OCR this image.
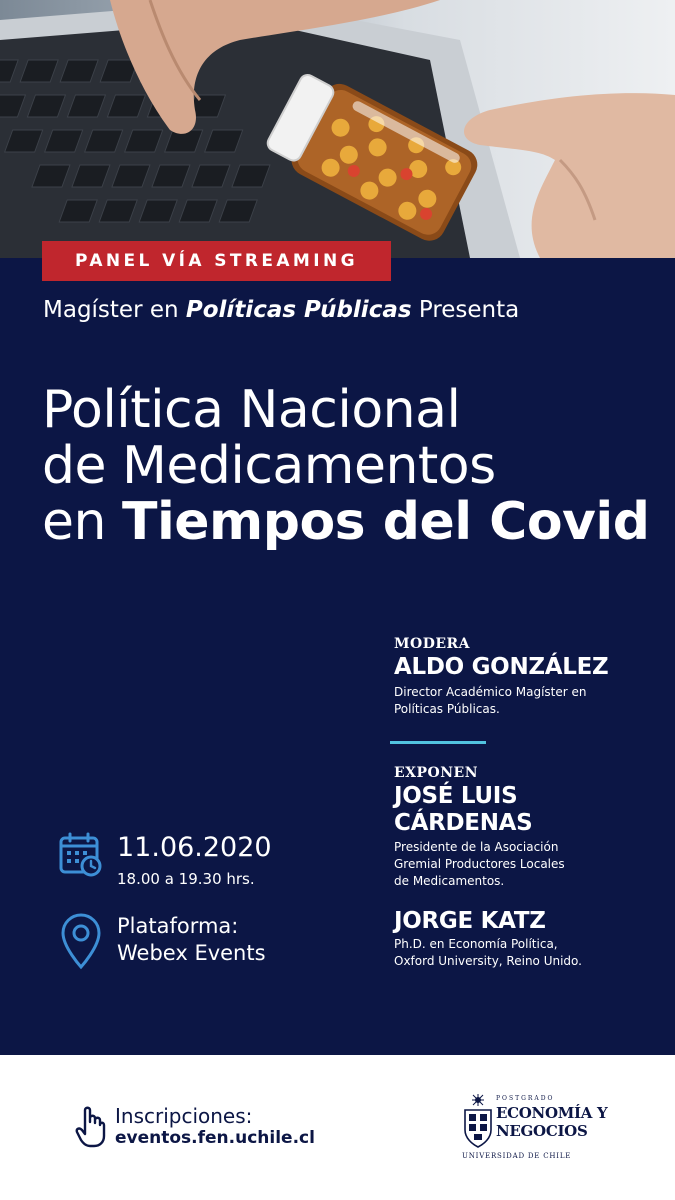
PANEL VÍA STREAMING
Magíster en Políticas Públicas Presenta
Política Nacional
de Medicamentos
en Tiempos del Covid
MODERA
ALDO GONZÁLEZ
Director Académico Magíster en
Políticas Públicas.
EXPONEN
JOSÉ LUIS
CÁRDENAS
Presidente de la Asociación
Gremial Productores Locales
de Medicamentos.
JORGE KATZ
Ph.D. en Economía Política,
Oxford University, Reino Unido.
11.06.2020
18.00 a 19.30 hrs.
Plataforma:
Webex Events
Inscripciones:
eventos.fen.uchile.cl
POSTGRADO
ECONOMÍA Y
NEGOCIOS
UNIVERSIDAD DE CHILE
